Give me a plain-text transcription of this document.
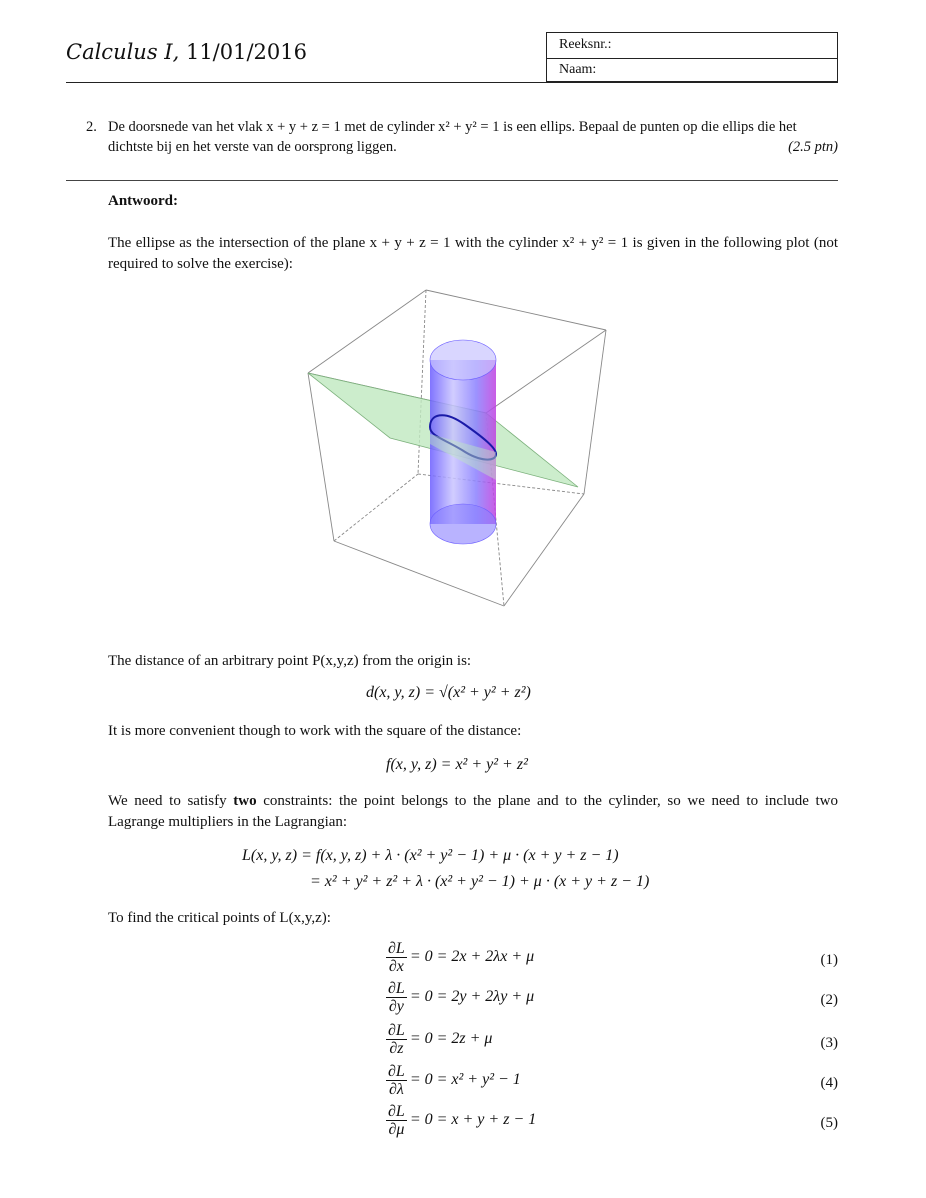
Calculus I, 11/01/2016	Reeksnr.:
Naam:
2. De doorsnede van het vlak x + y + z = 1 met de cylinder x² + y² = 1 is een ellips. Bepaal de punten op die ellips die het dichtste bij en het verste van de oorsprong liggen.	(2.5 ptn)
Antwoord:
The ellipse as the intersection of the plane x + y + z = 1 with the cylinder x² + y² = 1 is given in the following plot (not required to solve the exercise):
The distance of an arbitrary point P(x,y,z) from the origin is:
d(x, y, z) = √(x² + y² + z²)
It is more convenient though to work with the square of the distance:
f(x, y, z) = x² + y² + z²
We need to satisfy two constraints: the point belongs to the plane and to the cylinder, so we need to include two Lagrange multipliers in the Lagrangian:
L(x, y, z) = f(x, y, z) + λ · (x² + y² − 1) + μ · (x + y + z − 1)
= x² + y² + z² + λ · (x² + y² − 1) + μ · (x + y + z − 1)
To find the critical points of L(x,y,z):
$\frac{\partial L}{\partial x} = 0 = 2x + 2\lambda x + \mu$	(1)
$\frac{\partial L}{\partial y} = 0 = 2y + 2\lambda y + \mu$	(2)
$\frac{\partial L}{\partial z} = 0 = 2z + \mu$	(3)
$\frac{\partial L}{\partial\lambda} = 0 = x^2 + y^2 - 1$	(4)
$\frac{\partial L}{\partial\mu} = 0 = x + y + z - 1$	(5)
